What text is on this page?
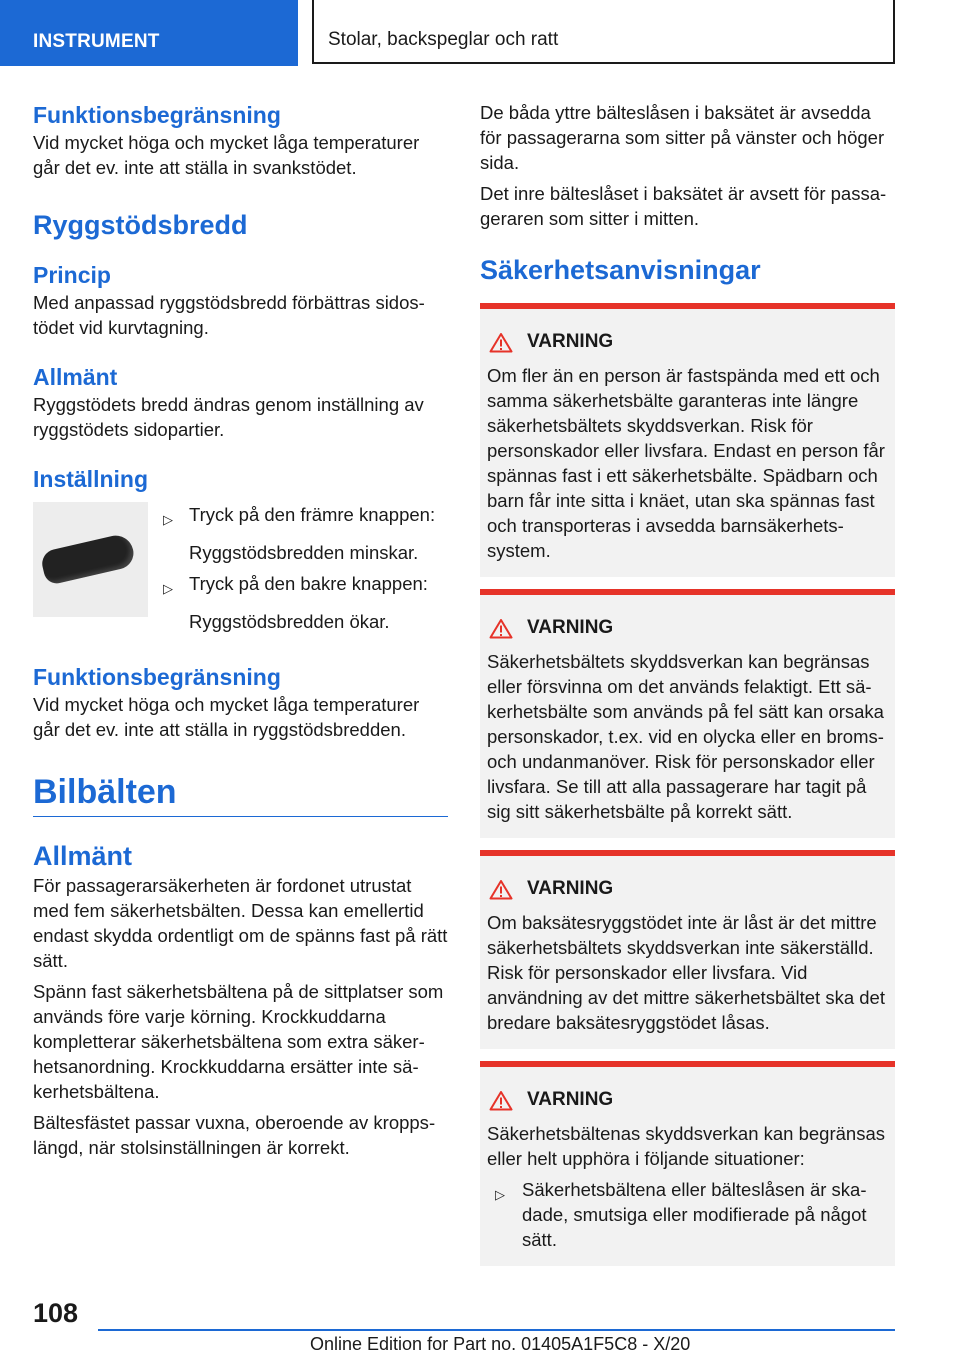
INSTRUMENT	Stolar, backspeglar och ratt
Funktionsbegränsning

Vid mycket höga och mycket låga temperaturer går det ev. inte att ställa in svankstödet.

Ryggstödsbredd
Princip

Med anpassad ryggstödsbredd förbättras sidostödet vid kurvtagning.

Allmänt

Ryggstödets bredd ändras genom inställning av ryggstödets sidopartier.

Inställning
▷ Tryck på den främre knappen:
Ryggstödsbredden minskar.
▷ Tryck på den bakre knappen:
Ryggstödsbredden ökar.
Funktionsbegränsning

Vid mycket höga och mycket låga temperaturer går det ev. inte att ställa in ryggstödsbredden.

Bilbälten
Allmänt

För passagerarsäkerheten är fordonet utrustat med fem säkerhetsbälten. Dessa kan emellertid endast skydda ordentligt om de spänns fast på rätt sätt.

Spänn fast säkerhetsbältena på de sittplatser som används före varje körning. Krockkuddarna kompletterar säkerhetsbältena som extra säkerhetsanordning. Krockkuddarna ersätter inte säkerhetsbältena.

Bältesfästet passar vuxna, oberoende av kroppslängd, när stolsinställningen är korrekt.

De båda yttre bälteslåsen i baksätet är avsedda för passagerarna som sitter på vänster och höger sida.

Det inre bälteslåset i baksätet är avsett för passageraren som sitter i mitten.

Säkerhetsanvisningar
VARNING

Om fler än en person är fastspända med ett och samma säkerhetsbälte garanteras inte längre säkerhetsbältets skyddsverkan. Risk för personskador eller livsfara. Endast en person får spännas fast i ett säkerhetsbälte. Spädbarn och barn får inte sitta i knäet, utan ska spännas fast och transporteras i avsedda barnsäkerhetssystem.

VARNING

Säkerhetsbältets skyddsverkan kan begränsas eller försvinna om det används felaktigt. Ett säkerhetsbälte som används på fel sätt kan orsaka personskador, t.ex. vid en olycka eller en broms- och undanmanöver. Risk för personskador eller livsfara. Se till att alla passagerare har tagit på sig sitt säkerhetsbälte på korrekt sätt.

VARNING

Om baksätesryggstödet inte är låst är det mittre säkerhetsbältets skyddsverkan inte säkerställd. Risk för personskador eller livsfara. Vid användning av det mittre säkerhetsbältet ska det bredare baksätesryggstödet låsas.

VARNING

Säkerhetsbältenas skyddsverkan kan begränsas eller helt upphöra i följande situationer:

▷ Säkerhetsbältena eller bälteslåsen är skadade, smutsiga eller modifierade på något sätt.
108
Online Edition for Part no. 01405A1F5C8 - X/20
